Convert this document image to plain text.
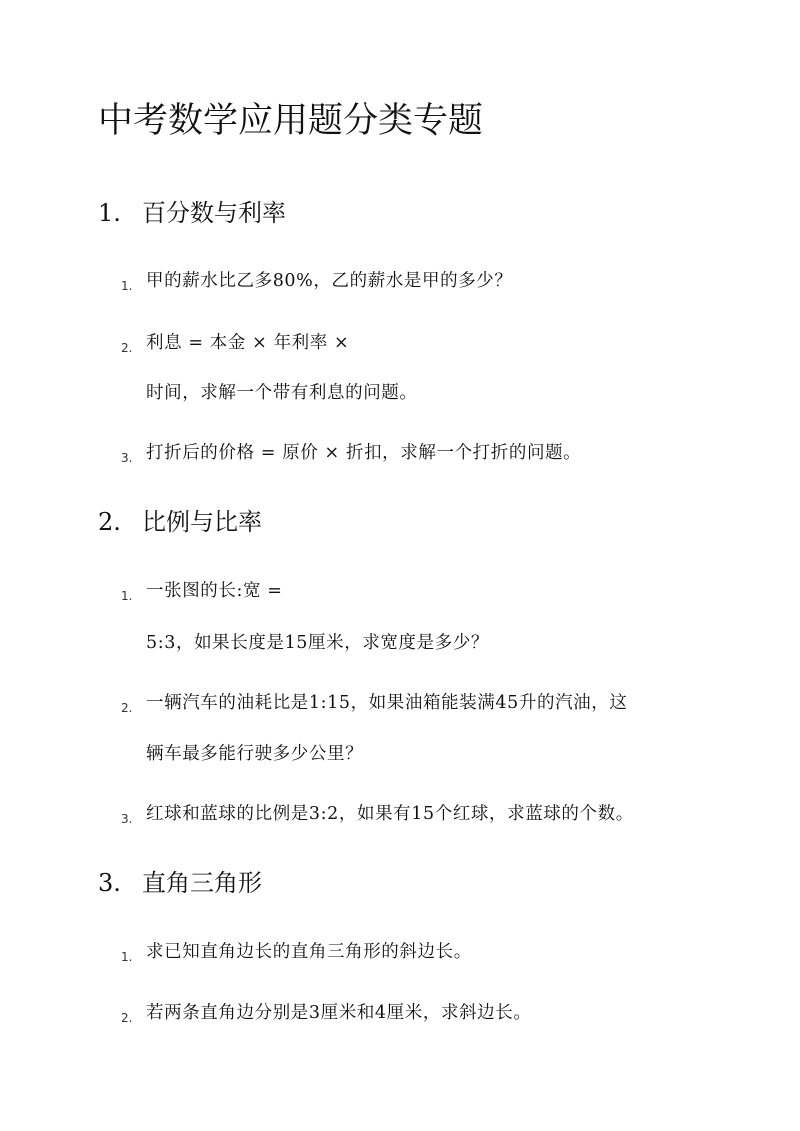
中考数学应用题分类专题
1. 百分数与利率
1. 甲的薪水比乙多80%，乙的薪水是甲的多少？
2. 利息 = 本金 × 年利率 ×
时间，求解一个带有利息的问题。
3. 打折后的价格 = 原价 × 折扣，求解一个打折的问题。
2. 比例与比率
1. 一张图的长:宽 =
5:3，如果长度是15厘米，求宽度是多少？
2. 一辆汽车的油耗比是1:15，如果油箱能装满45升的汽油，这
辆车最多能行驶多少公里？
3. 红球和蓝球的比例是3:2，如果有15个红球，求蓝球的个数。
3. 直角三角形
1. 求已知直角边长的直角三角形的斜边长。
2. 若两条直角边分别是3厘米和4厘米，求斜边长。
